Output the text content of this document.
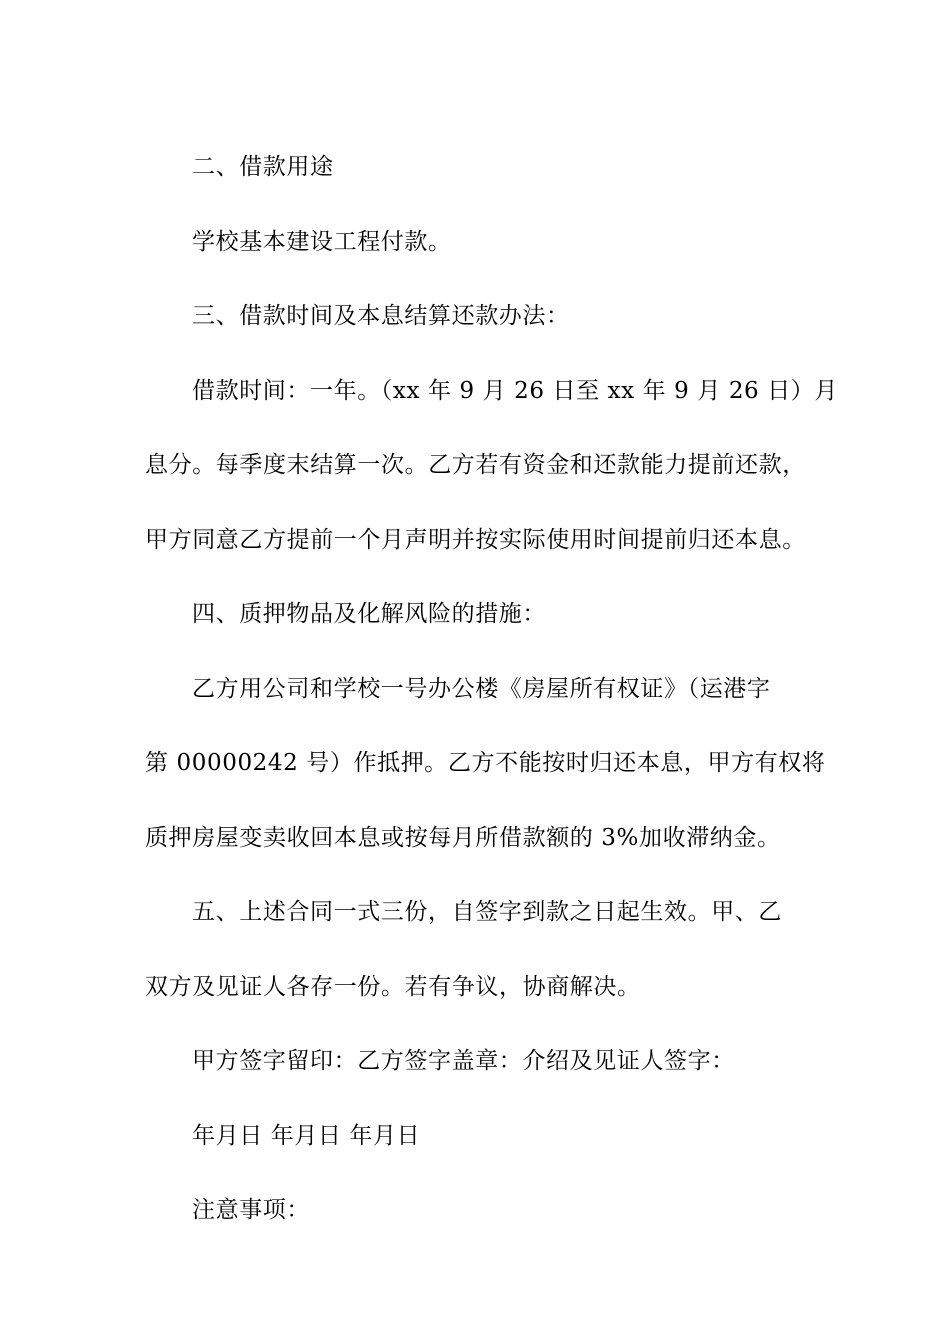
二、借款用途

学校基本建设工程付款。

三、借款时间及本息结算还款办法：

借款时间：一年。（xx 年 9 月 26 日至 xx 年 9 月 26 日）月

息分。每季度末结算一次。乙方若有资金和还款能力提前还款，

甲方同意乙方提前一个月声明并按实际使用时间提前归还本息。

四、质押物品及化解风险的措施：

乙方用公司和学校一号办公楼《房屋所有权证》（运港字

第 00000242 号）作抵押。乙方不能按时归还本息，甲方有权将

质押房屋变卖收回本息或按每月所借款额的 3%加收滞纳金。

五、上述合同一式三份，自签字到款之日起生效。甲、乙

双方及见证人各存一份。若有争议，协商解决。

甲方签字留印：乙方签字盖章：介绍及见证人签字：

年月日 年月日 年月日

注意事项：
